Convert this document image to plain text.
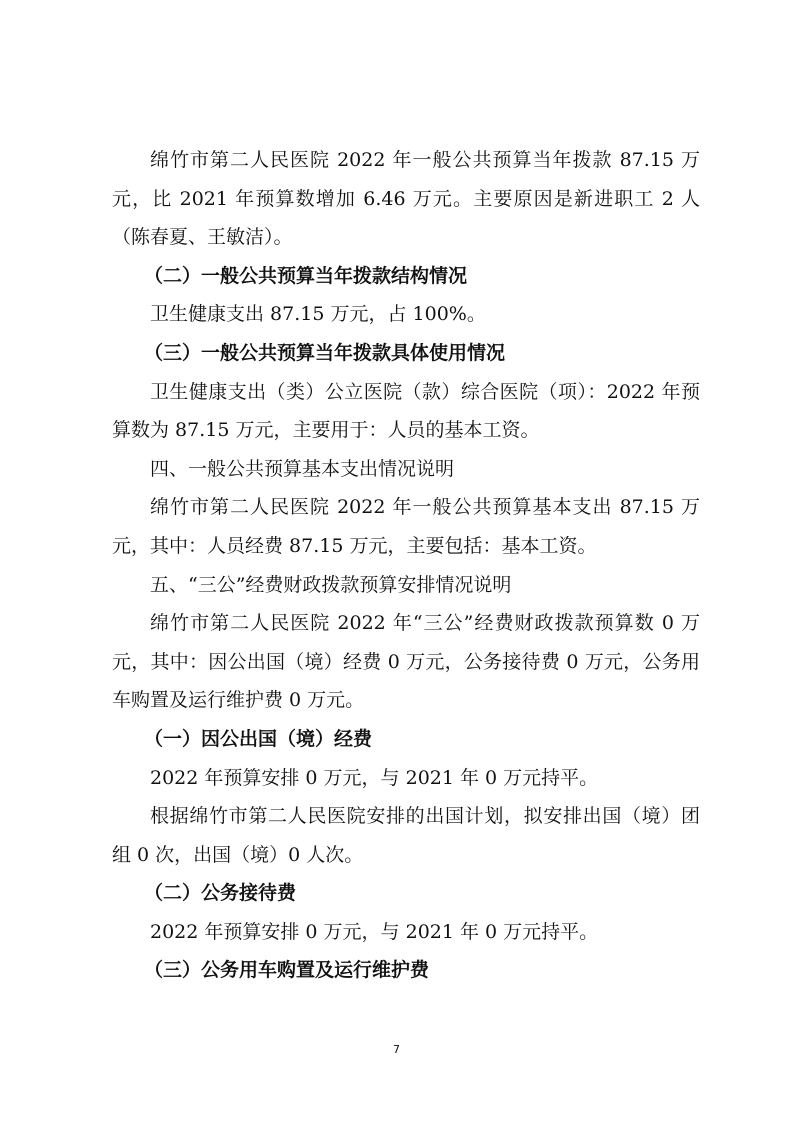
绵竹市第二人民医院 2022 年一般公共预算当年拨款 87.15 万元，比 2021 年预算数增加 6.46 万元。主要原因是新进职工 2 人（陈春夏、王敏洁）。

（二）一般公共预算当年拨款结构情况

卫生健康支出 87.15 万元，占 100%。

（三）一般公共预算当年拨款具体使用情况

卫生健康支出（类）公立医院（款）综合医院（项）：2022 年预算数为 87.15 万元，主要用于：人员的基本工资。

四、一般公共预算基本支出情况说明

绵竹市第二人民医院 2022 年一般公共预算基本支出 87.15 万元，其中：人员经费 87.15 万元，主要包括：基本工资。

五、“三公”经费财政拨款预算安排情况说明

绵竹市第二人民医院 2022 年“三公”经费财政拨款预算数 0 万元，其中：因公出国（境）经费 0 万元，公务接待费 0 万元，公务用车购置及运行维护费 0 万元。

（一）因公出国（境）经费

2022 年预算安排 0 万元，与 2021 年 0 万元持平。

根据绵竹市第二人民医院安排的出国计划，拟安排出国（境）团组 0 次，出国（境）0 人次。

（二）公务接待费

2022 年预算安排 0 万元，与 2021 年 0 万元持平。

（三）公务用车购置及运行维护费

7
